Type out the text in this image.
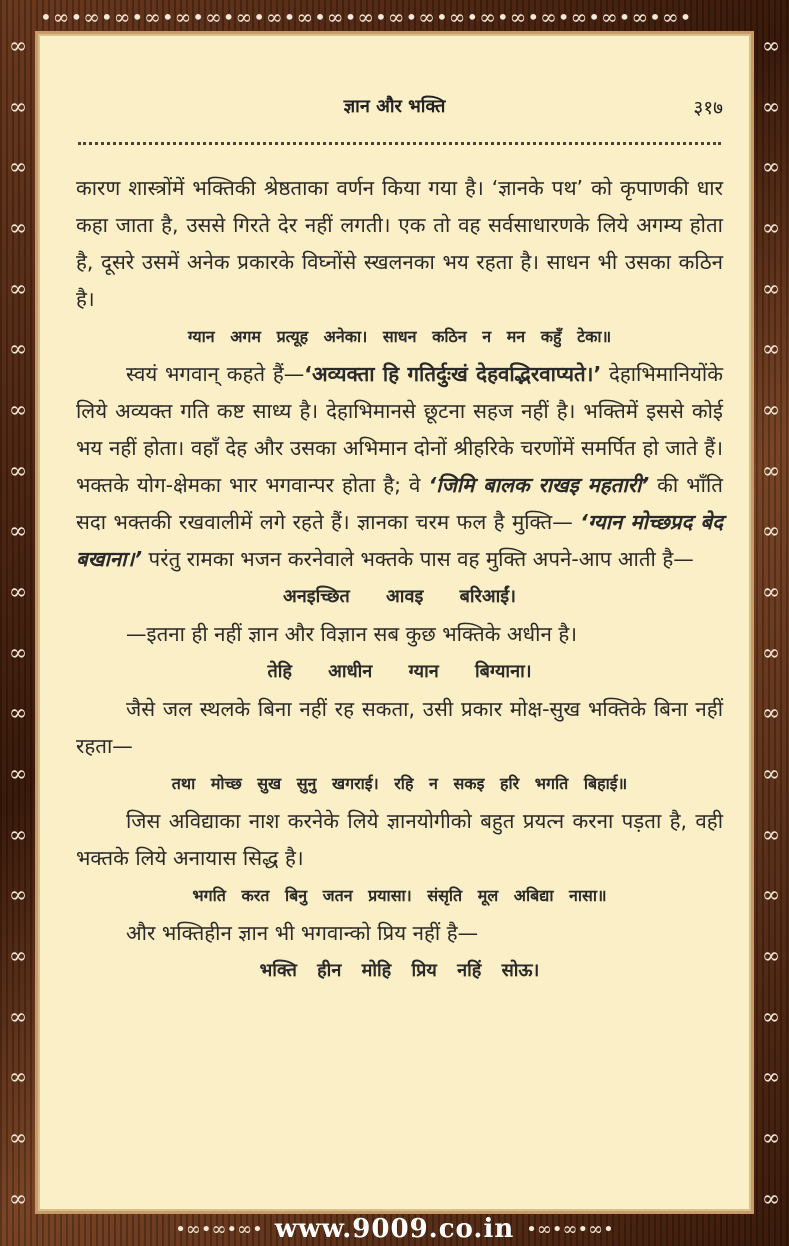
•∞•∞•∞•∞•∞•∞•∞•∞•∞•∞•∞•∞•∞•∞•∞•∞•∞•∞•∞•∞•∞•
∞
∞
∞
∞
∞
∞
∞
∞
∞
∞
∞
∞
∞
∞
∞
∞
∞
∞
∞
∞
∞
∞
∞
∞
∞
∞
∞
∞
∞
∞
∞
∞
∞
∞
∞
∞
∞
∞
∞
∞
ज्ञान और भक्ति	३१७

कारण शास्त्रोंमें भक्तिकी श्रेष्ठताका वर्णन किया गया है। ‘ज्ञानके पथ’ को कृपाणकी धार कहा जाता है, उससे गिरते देर नहीं लगती। एक तो वह सर्वसाधारणके लिये अगम्य होता है, दूसरे उसमें अनेक प्रकारके विघ्नोंसे स्खलनका भय रहता है। साधन भी उसका कठिन है।

ग्यान अगम प्रत्यूह अनेका। साधन कठिन न मन कहुँ टेका॥

स्वयं भगवान् कहते हैं—‘अव्यक्ता हि गतिर्दुःखं देहवद्भिरवाप्यते।’ देहाभिमानियोंके लिये अव्यक्त गति कष्ट साध्य है। देहाभिमानसे छूटना सहज नहीं है। भक्तिमें इससे कोई भय नहीं होता। वहाँ देह और उसका अभिमान दोनों श्रीहरिके चरणोंमें समर्पित हो जाते हैं। भक्तके योग-क्षेमका भार भगवान्पर होता है; वे ‘जिमि बालक राखइ महतारी’ की भाँति सदा भक्तकी रखवालीमें लगे रहते हैं। ज्ञानका चरम फल है मुक्ति— ‘ग्यान मोच्छप्रद बेद बखाना।’ परंतु रामका भजन करनेवाले भक्तके पास वह मुक्ति अपने-आप आती है—

अनइच्छित आवइ बरिआईं।

—इतना ही नहीं ज्ञान और विज्ञान सब कुछ भक्तिके अधीन है।

तेहि आधीन ग्यान बिग्याना।

जैसे जल स्थलके बिना नहीं रह सकता, उसी प्रकार मोक्ष-सुख भक्तिके बिना नहीं रहता—

तथा मोच्छ सुख सुनु खगराई। रहि न सकइ हरि भगति बिहाई॥

जिस अविद्याका नाश करनेके लिये ज्ञानयोगीको बहुत प्रयत्न करना पड़ता है, वही भक्तके लिये अनायास सिद्ध है।

भगति करत बिनु जतन प्रयासा। संसृति मूल अबिद्या नासा॥

और भक्तिहीन ज्ञान भी भगवान्को प्रिय नहीं है—

भक्ति हीन मोहि प्रिय नहिं सोऊ।

•∞•∞•∞• www.9009.co.in •∞•∞•∞•
